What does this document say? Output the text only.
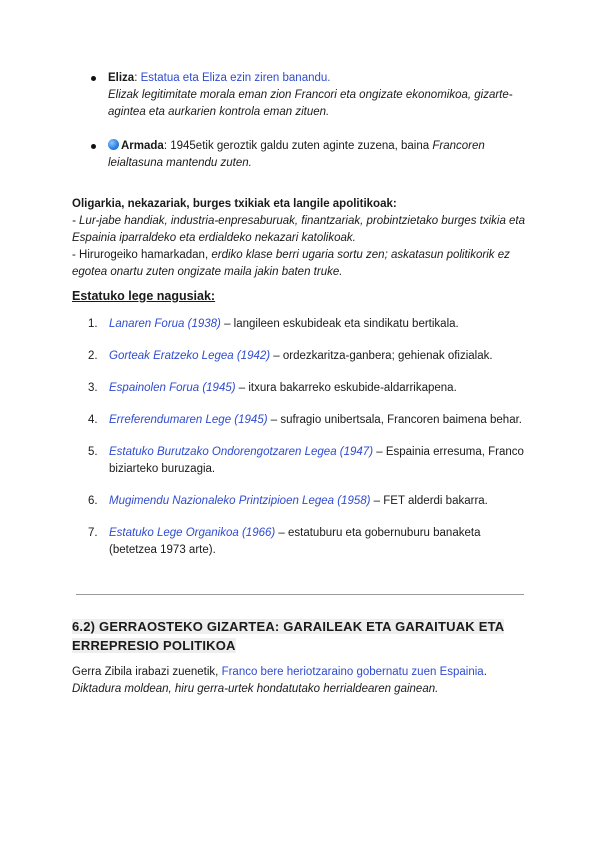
Eliza: Estatua eta Eliza ezin ziren banandu.
Elizak legitimitate morala eman zion Francori eta ongizate ekonomikoa, gizarte-agintea eta aurkarien kontrola eman zituen.
Armada: 1945etik geroztik galdu zuten aginte zuzena, baina Francoren leialtasuna mantendu zuten.

Oligarkia, nekazariak, burges txikiak eta langile apolitikoak:

- Lur-jabe handiak, industria-enpresaburuak, finantzariak, probintzietako burges txikia eta Espainia iparraldeko eta erdialdeko nekazari katolikoak.

- Hirurogeiko hamarkadan, erdiko klase berri ugaria sortu zen; askatasun politikorik ez egotea onartu zuten ongizate maila jakin baten truke.

Estatuko lege nagusiak:
1. Lanaren Forua (1938) – langileen eskubideak eta sindikatu bertikala.
2. Gorteak Eratzeko Legea (1942) – ordezkaritza-ganbera; gehienak ofizialak.
3. Espainolen Forua (1945) – itxura bakarreko eskubide-aldarrikapena.
4. Erreferendumaren Lege (1945) – sufragio unibertsala, Francoren baimena behar.
5. Estatuko Burutzako Ondorengotzaren Legea (1947) – Espainia erresuma, Franco biziarteko buruzagia.
6. Mugimendu Nazionaleko Printzipioen Legea (1958) – FET alderdi bakarra.
7. Estatuko Lege Organikoa (1966) – estatuburu eta gobernuburu banaketa (betetzea 1973 arte).
6.2) GERRAOSTEKO GIZARTEA: GARAILEAK ETA GARAITUAK ETA ERREPRESIO POLITIKOA

Gerra Zibila irabazi zuenetik, Franco bere heriotzaraino gobernatu zuen Espainia.
Diktadura moldean, hiru gerra-urtek hondatutako herrialdearen gainean.
